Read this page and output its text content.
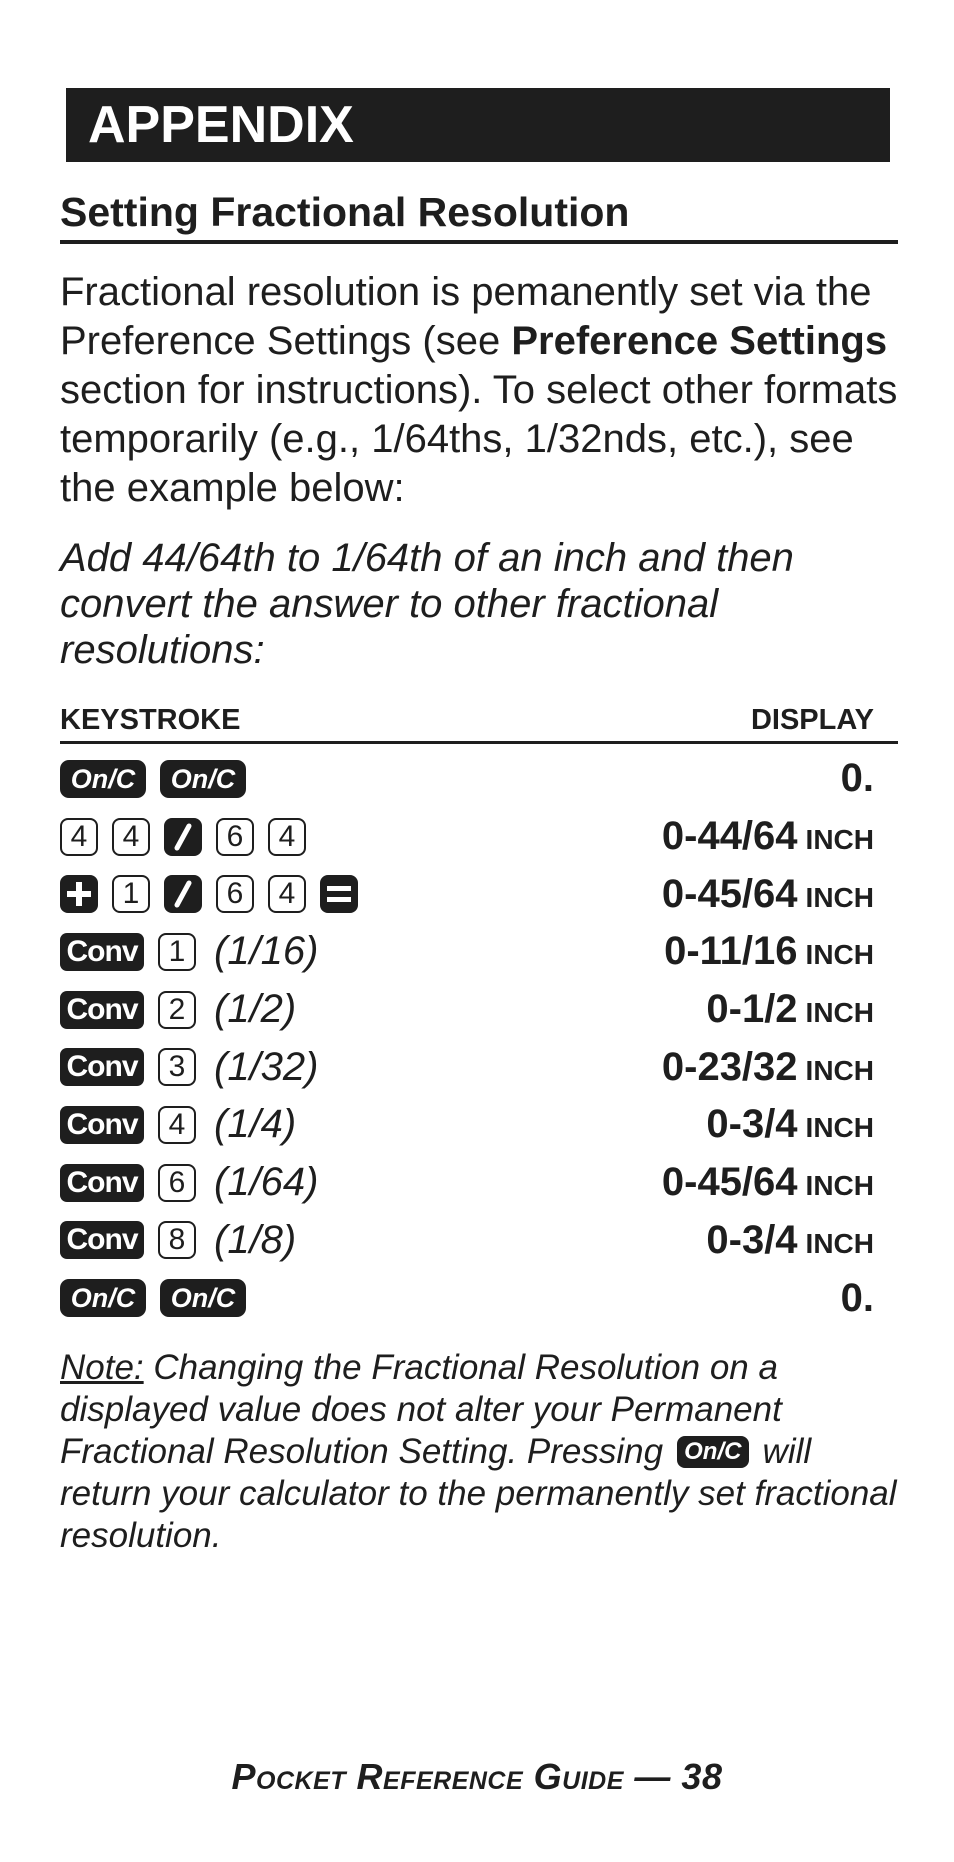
APPENDIX
Setting Fractional Resolution
Fractional resolution is pemanently set via the Preference Settings (see Preference Settings section for instructions). To select other formats temporarily (e.g., 1/64ths, 1/32nds, etc.), see the example below:
Add 44/64th to 1/64th of an inch and then convert the answer to other fractional resolutions:
KEYSTROKE	DISPLAY
On/C	On/C	0.
4	4	6	4	0-44/64 INCH
1	6	4	0-45/64 INCH
Conv	1 (1/16)	0-11/16 INCH
Conv	2 (1/2)	0-1/2 INCH
Conv	3 (1/32)	0-23/32 INCH
Conv	4 (1/4)	0-3/4 INCH
Conv	6 (1/64)	0-45/64 INCH
Conv	8 (1/8)	0-3/4 INCH
On/C	On/C	0.
Note: Changing the Fractional Resolution on a displayed value does not alter your Permanent Fractional Resolution Setting. Pressing On/C will return your calculator to the permanently set fractional resolution.
Pocket Reference Guide — 38
